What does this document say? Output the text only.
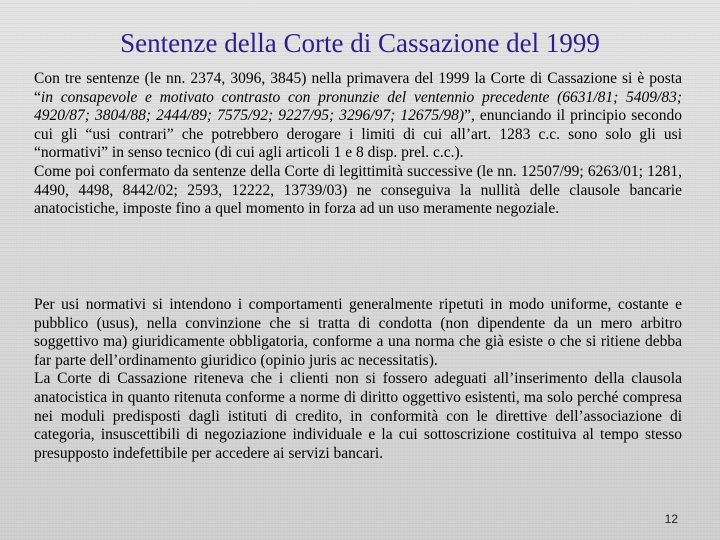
Sentenze della Corte di Cassazione del 1999

Con tre sentenze (le nn. 2374, 3096, 3845) nella primavera del 1999 la Corte di Cassazione si è posta “in consapevole e motivato contrasto con pronunzie del ventennio precedente (6631/81; 5409/83; 4920/87; 3804/88; 2444/89; 7575/92; 9227/95; 3296/97; 12675/98)”, enunciando il principio secondo cui gli “usi contrari” che potrebbero derogare i limiti di cui all’art. 1283 c.c. sono solo gli usi “normativi” in senso tecnico (di cui agli articoli 1 e 8 disp. prel. c.c.).

Come poi confermato da sentenze della Corte di legittimità successive (le nn. 12507/99; 6263/01; 1281, 4490, 4498, 8442/02; 2593, 12222, 13739/03) ne conseguiva la nullità delle clausole bancarie anatocistiche, imposte fino a quel momento in forza ad un uso meramente negoziale.

Per usi normativi si intendono i comportamenti generalmente ripetuti in modo uniforme, costante e pubblico (usus), nella convinzione che si tratta di condotta (non dipendente da un mero arbitro soggettivo ma) giuridicamente obbligatoria, conforme a una norma che già esiste o che si ritiene debba far parte dell’ordinamento giuridico (opinio juris ac necessitatis).

La Corte di Cassazione riteneva che i clienti non si fossero adeguati all’inserimento della clausola anatocistica in quanto ritenuta conforme a norme di diritto oggettivo esistenti, ma solo perché compresa nei moduli predisposti dagli istituti di credito, in conformità con le direttive dell’associazione di categoria, insuscettibili di negoziazione individuale e la cui sottoscrizione costituiva al tempo stesso presupposto indefettibile per accedere ai servizi bancari.

12
